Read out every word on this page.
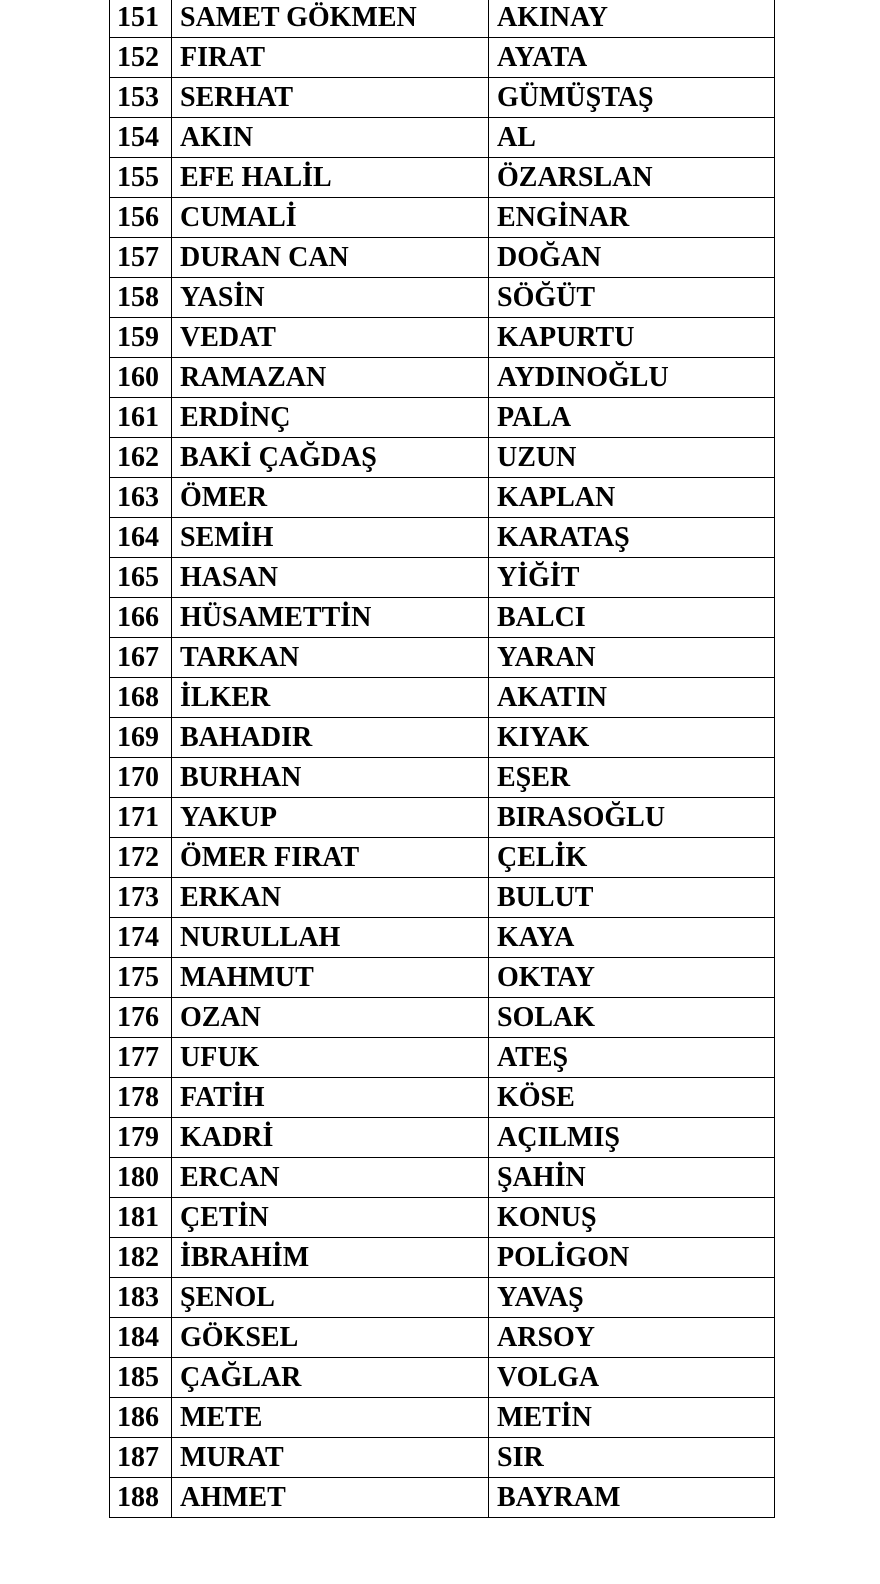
151	SAMET GÖKMEN	AKINAY
152	FIRAT	AYATA
153	SERHAT	GÜMÜŞTAŞ
154	AKIN	AL
155	EFE HALİL	ÖZARSLAN
156	CUMALİ	ENGİNAR
157	DURAN CAN	DOĞAN
158	YASİN	SÖĞÜT
159	VEDAT	KAPURTU
160	RAMAZAN	AYDINOĞLU
161	ERDİNÇ	PALA
162	BAKİ ÇAĞDAŞ	UZUN
163	ÖMER	KAPLAN
164	SEMİH	KARATAŞ
165	HASAN	YİĞİT
166	HÜSAMETTİN	BALCI
167	TARKAN	YARAN
168	İLKER	AKATIN
169	BAHADIR	KIYAK
170	BURHAN	EŞER
171	YAKUP	BIRASOĞLU
172	ÖMER FIRAT	ÇELİK
173	ERKAN	BULUT
174	NURULLAH	KAYA
175	MAHMUT	OKTAY
176	OZAN	SOLAK
177	UFUK	ATEŞ
178	FATİH	KÖSE
179	KADRİ	AÇILMIŞ
180	ERCAN	ŞAHİN
181	ÇETİN	KONUŞ
182	İBRAHİM	POLİGON
183	ŞENOL	YAVAŞ
184	GÖKSEL	ARSOY
185	ÇAĞLAR	VOLGA
186	METE	METİN
187	MURAT	SIR
188	AHMET	BAYRAM
